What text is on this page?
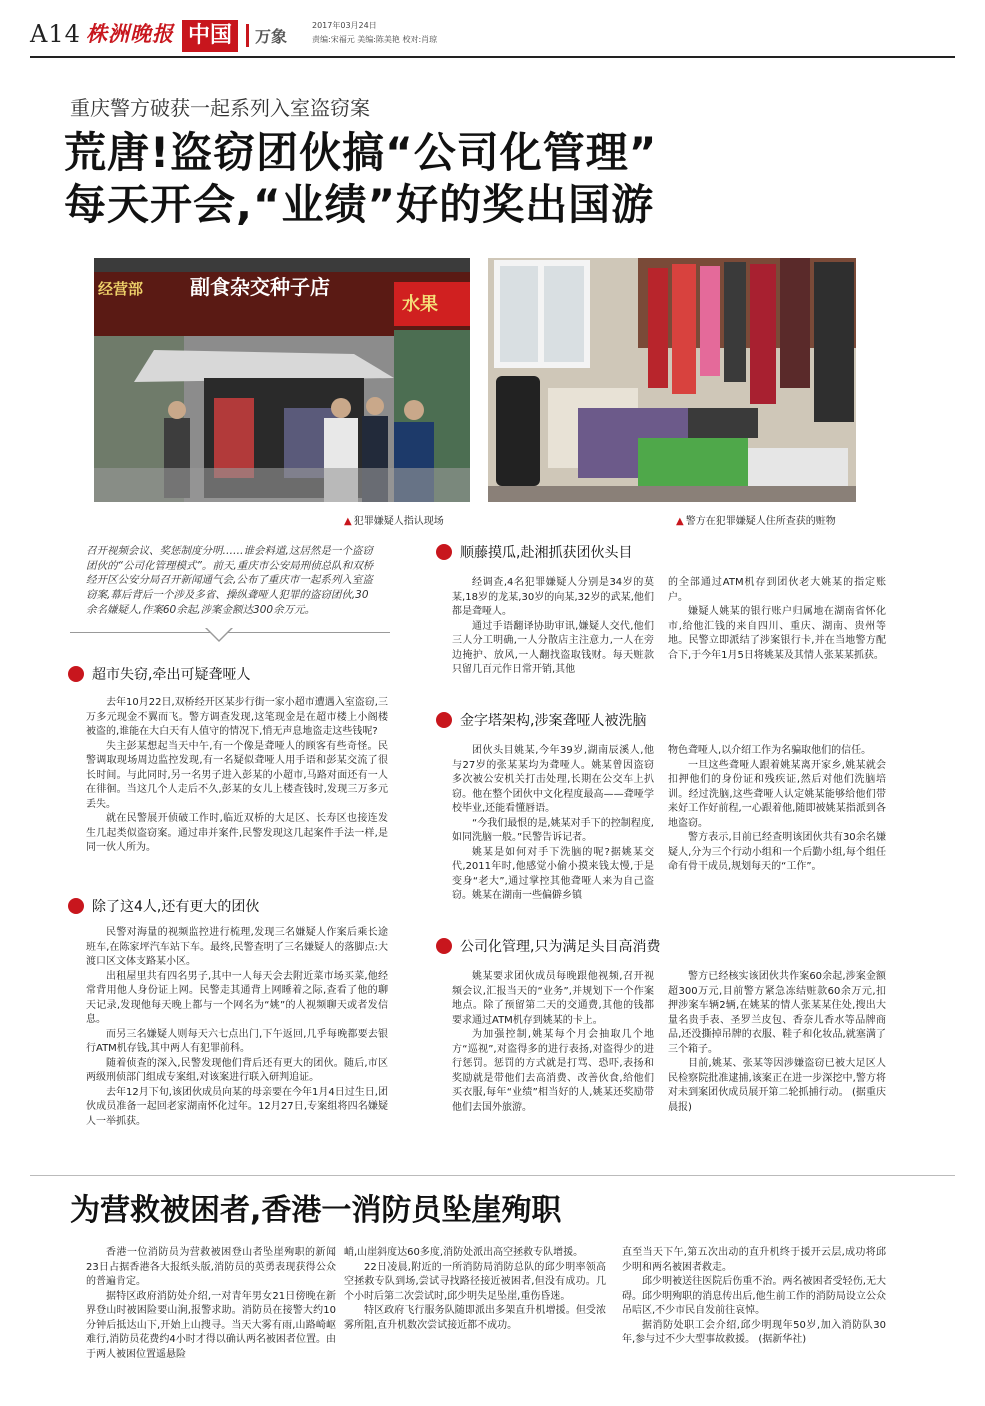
A14 株洲晚报 中国	万象
2017年03月24日
责编:宋福元 美编:陈美艳 校对:肖琼
重庆警方破获一起系列入室盗窃案
荒唐!盗窃团伙搞“公司化管理”
每天开会,“业绩”好的奖出国游
副食杂交种子店
经营部
水果
▲ 犯罪嫌疑人指认现场	▲ 警方在犯罪嫌疑人住所查获的赃物
召开视频会议、奖惩制度分明……谁会料道,这居然是一个盗窃团伙的“公司化管理模式”。前天,重庆市公安局刑侦总队和双桥经开区公安分局召开新闻通气会,公布了重庆市一起系列入室盗窃案,幕后背后一个涉及多省、操纵聋哑人犯罪的盗窃团伙,30余名嫌疑人,作案60余起,涉案金额达300余万元。
超市失窃,牵出可疑聋哑人

去年10月22日,双桥经开区某步行街一家小超市遭遇入室盗窃,三万多元现金不翼而飞。警方调查发现,这笔现金是在超市楼上小阁楼被盗的,谁能在大白天有人值守的情况下,悄无声息地盗走这些钱呢?

失主彭某想起当天中午,有一个像是聋哑人的顾客有些奇怪。民警调取现场周边监控发现,有一名疑似聋哑人用手语和彭某交流了很长时间。与此同时,另一名男子进入彭某的小超市,马路对面还有一人在徘徊。当这几个人走后不久,彭某的女儿上楼查钱时,发现三万多元丢失。

就在民警展开侦破工作时,临近双桥的大足区、长寿区也接连发生几起类似盗窃案。通过串并案件,民警发现这几起案件手法一样,是同一伙人所为。

除了这4人,还有更大的团伙

民警对海量的视频监控进行梳理,发现三名嫌疑人作案后乘长途班车,在陈家坪汽车站下车。最终,民警查明了三名嫌疑人的落脚点:大渡口区文体支路某小区。

出租屋里共有四名男子,其中一人每天会去附近菜市场买菜,他经常背用他人身份证上网。民警走其通背上网睡着之际,查看了他的聊天记录,发现他每天晚上都与一个网名为“姚”的人视频聊天或者发信息。

而另三名嫌疑人则每天六七点出门,下午返回,几乎每晚都要去银行ATM机存钱,其中两人有犯罪前科。

随着侦查的深入,民警发现他们背后还有更大的团伙。随后,市区两级刑侦部门组成专案组,对该案进行联入研判追证。

去年12月下旬,该团伙成员向某的母亲要在今年1月4日过生日,团伙成员准备一起回老家湖南怀化过年。12月27日,专案组将四名嫌疑人一举抓获。

顺藤摸瓜,赴湘抓获团伙头目

经调查,4名犯罪嫌疑人分别是34岁的莫某,18岁的龙某,30岁的向某,32岁的武某,他们都是聋哑人。

通过手语翻译协助审讯,嫌疑人交代,他们三人分工明确,一人分散店主注意力,一人在旁边掩护、放风,一人翻找盗取钱财。每天赃款只留几百元作日常开销,其他

的全部通过ATM机存到团伙老大姚某的指定账户。

嫌疑人姚某的银行账户归属地在湖南省怀化市,给他汇钱的来自四川、重庆、湖南、贵州等地。民警立即派结了涉案银行卡,并在当地警方配合下,于今年1月5日将姚某及其情人张某某抓获。

金字塔架构,涉案聋哑人被洗脑

团伙头目姚某,今年39岁,湖南辰溪人,他与27岁的张某某均为聋哑人。姚某曾因盗窃多次被公安机关打击处理,长期在公交车上扒窃。他在整个团伙中文化程度最高——聋哑学校毕业,还能看懂唇语。

“今我们最恨的是,姚某对手下的控制程度,如同洗脑一般。”民警告诉记者。

姚某是如何对手下洗脑的呢?据姚某交代,2011年时,他感觉小偷小摸来钱太慢,于是变身“老大”,通过掌控其他聋哑人来为自己盗窃。姚某在湖南一些偏僻乡镇

物色聋哑人,以介绍工作为名骗取他们的信任。

一旦这些聋哑人跟着姚某离开家乡,姚某就会扣押他们的身份证和残疾证,然后对他们洗脑培训。经过洗脑,这些聋哑人认定姚某能够给他们带来好工作好前程,一心跟着他,随即被姚某指派到各地盗窃。

警方表示,目前已经查明该团伙共有30余名嫌疑人,分为三个行动小组和一个后勤小组,每个组任命有骨干成员,规划每天的“工作”。

公司化管理,只为满足头目高消费

姚某要求团伙成员每晚跟他视频,召开视频会议,汇报当天的“业务”,并规划下一个作案地点。除了预留第二天的交通费,其他的钱都要求通过ATM机存到姚某的卡上。

为加强控制,姚某每个月会抽取几个地方“巡视”,对盗得多的进行表扬,对盗得少的进行惩罚。惩罚的方式就是打骂、恐吓,表扬和奖励就是带他们去高消费、改善伙食,给他们买衣服,每年“业绩”相当好的人,姚某还奖励带他们去国外旅游。

警方已经核实该团伙共作案60余起,涉案金额超300万元,目前警方紧急冻结赃款60余万元,扣押涉案车辆2辆,在姚某的情人张某某住处,搜出大量名贵手表、圣罗兰皮包、香奈儿香水等品牌商品,还没撕掉吊牌的衣服、鞋子和化妆品,就塞满了三个箱子。

目前,姚某、张某等因涉嫌盗窃已被大足区人民检察院批准逮捕,该案正在进一步深挖中,警方将对未到案团伙成员展开第二轮抓捕行动。 (据重庆晨报)

为营救被困者,香港一消防员坠崖殉职

香港一位消防员为营救被困登山者坠崖殉职的新闻23日占据香港各大报纸头版,消防员的英勇表现获得公众的普遍肯定。

据特区政府消防处介绍,一对青年男女21日傍晚在新界登山时被困险要山涧,报警求助。消防员在接警大约10分钟后抵达山下,开始上山搜寻。当天大雾有雨,山路崎岖难行,消防员花费约4小时才得以确认两名被困者位置。由于两人被困位置遥悬险

峭,山崖斜度达60多度,消防处派出高空拯救专队增援。

22日凌晨,附近的一所消防局消防总队的邱少明率领高空拯救专队到场,尝试寻找路径接近被困者,但没有成功。几个小时后第二次尝试时,邱少明失足坠崖,重伤昏迷。

特区政府飞行服务队随即派出多架直升机增援。但受浓雾所阻,直升机数次尝试接近都不成功。

直至当天下午,第五次出动的直升机终于援开云层,成功将邱少明和两名被困者救走。

邱少明被送往医院后伤重不治。两名被困者受轻伤,无大碍。邱少明殉职的消息传出后,他生前工作的消防局设立公众吊唁区,不少市民自发前往哀悼。

据消防处职工会介绍,邱少明现年50岁,加入消防队30年,参与过不少大型事故救援。 (据新华社)
